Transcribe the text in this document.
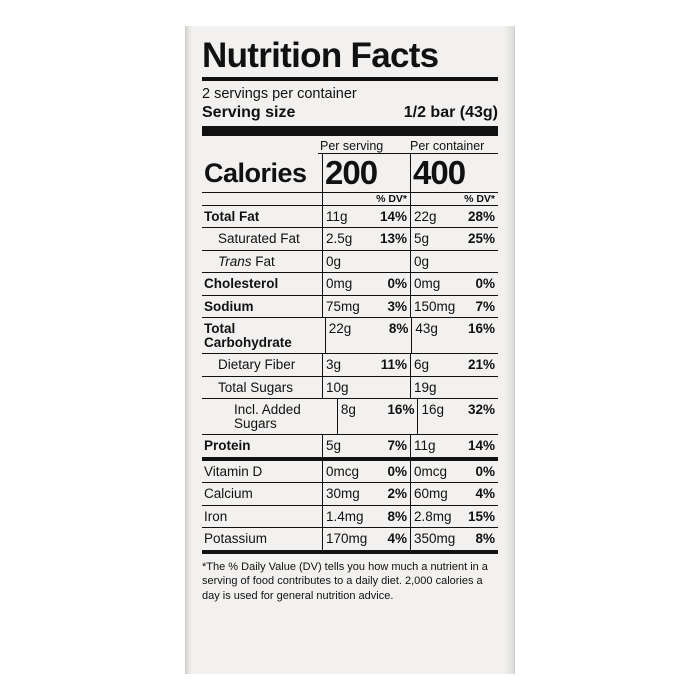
Nutrition Facts
2 servings per container
Serving size	1/2 bar (43g)
Per serving	Per container
Calories 200	400
% DV*	% DV*
Total Fat	11g 14% 22g 28%
Saturated Fat	2.5g 13% 5g	25%
Trans Fat	0g	0g
Cholesterol	0mg	0% 0mg	0%
Sodium	75mg 3% 150mg 7%
Total Carbohydrate
22g	8% 43g 16%
Dietary Fiber	3g	11% 6g	21%
Total Sugars	10g	19g
Incl. Added Sugars
8g 16% 16g 32%
Protein	5g	7% 11g 14%
Vitamin D	0mcg 0% 0mcg 0%
Calcium	30mg 2% 60mg 4%
Iron	1.4mg 8% 2.8mg 15%
Potassium	170mg 4% 350mg 8%
*The % Daily Value (DV) tells you how much a nutrient in a serving of food contributes to a daily diet. 2,000 calories a day is used for general nutrition advice.
